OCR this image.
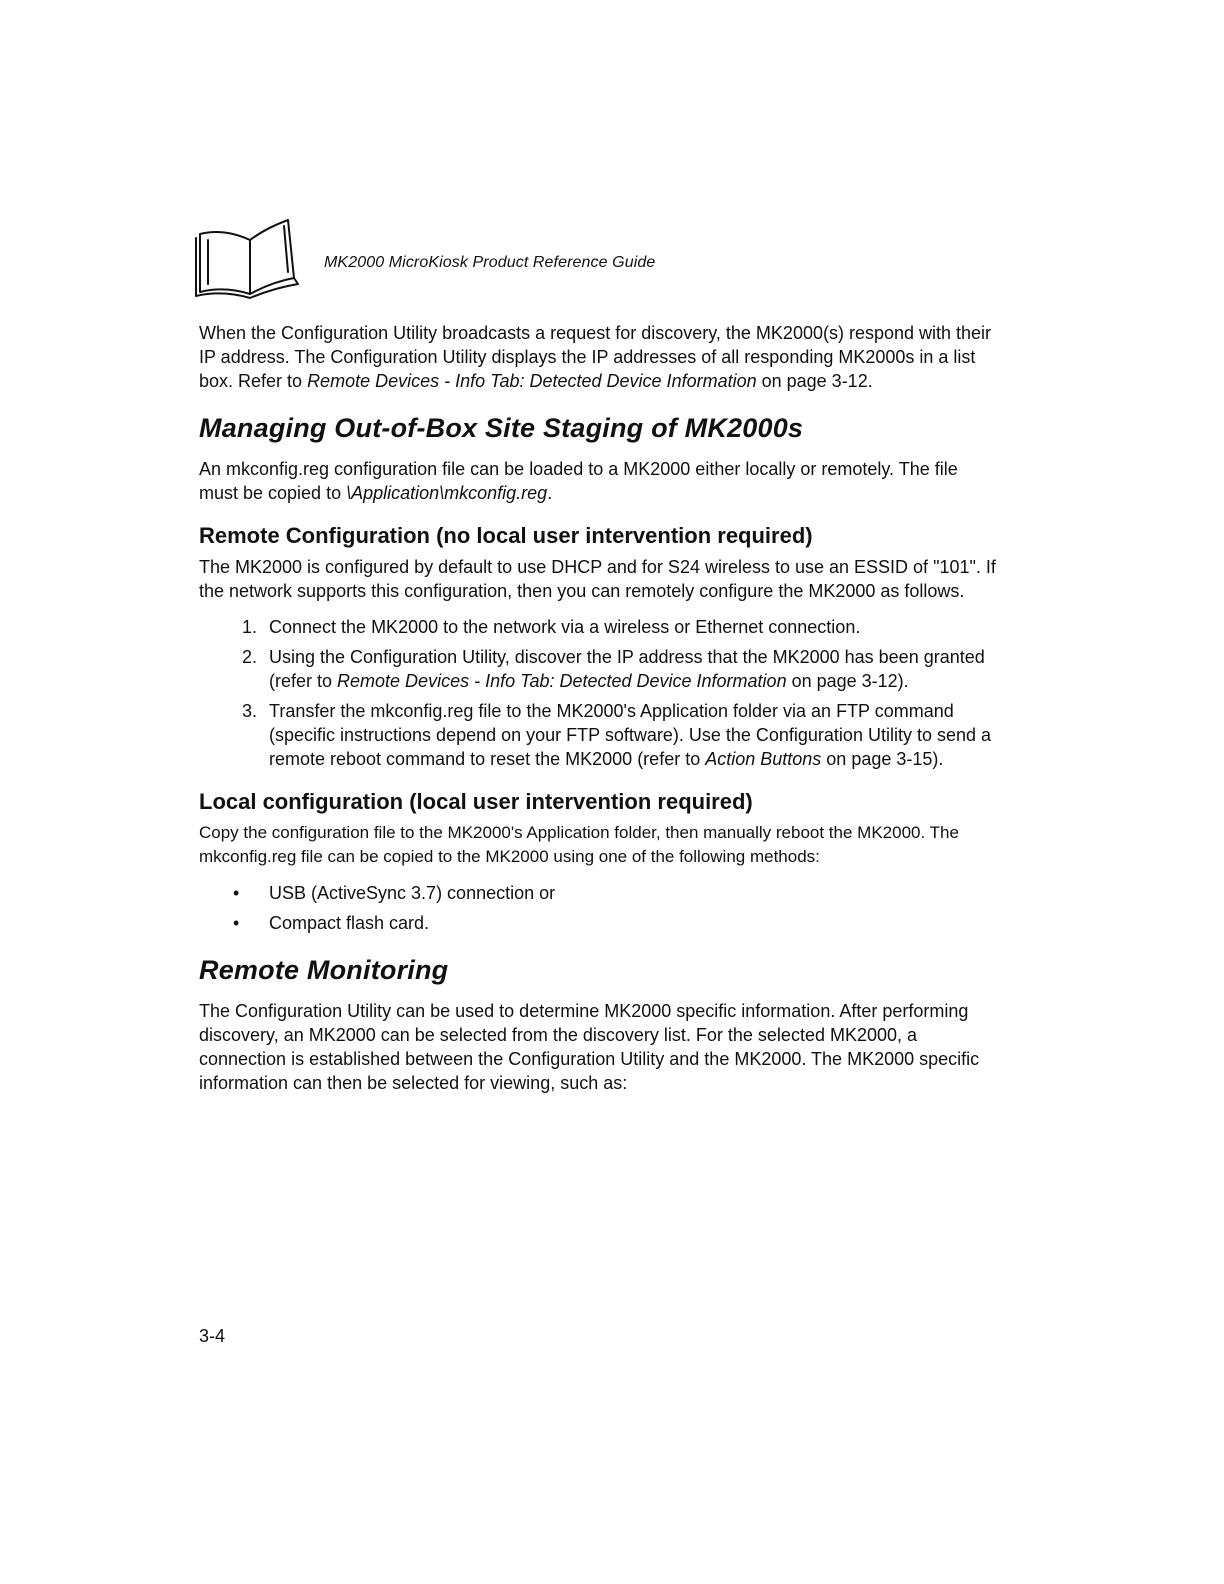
MK2000 MicroKiosk Product Reference Guide

When the Configuration Utility broadcasts a request for discovery, the MK2000(s) respond with their IP address. The Configuration Utility displays the IP addresses of all responding MK2000s in a list box. Refer to Remote Devices - Info Tab: Detected Device Information on page 3-12.

Managing Out-of-Box Site Staging of MK2000s

An mkconfig.reg configuration file can be loaded to a MK2000 either locally or remotely. The file must be copied to \Application\mkconfig.reg.

Remote Configuration (no local user intervention required)

The MK2000 is configured by default to use DHCP and for S24 wireless to use an ESSID of "101". If the network supports this configuration, then you can remotely configure the MK2000 as follows.

1. Connect the MK2000 to the network via a wireless or Ethernet connection.
2. Using the Configuration Utility, discover the IP address that the MK2000 has been granted (refer to Remote Devices - Info Tab: Detected Device Information on page 3-12).
3. Transfer the mkconfig.reg file to the MK2000's Application folder via an FTP command (specific instructions depend on your FTP software). Use the Configuration Utility to send a remote reboot command to reset the MK2000 (refer to Action Buttons on page 3-15).
Local configuration (local user intervention required)

Copy the configuration file to the MK2000's Application folder, then manually reboot the MK2000. The mkconfig.reg file can be copied to the MK2000 using one of the following methods:

•	USB (ActiveSync 3.7) connection or
•	Compact flash card.
Remote Monitoring

The Configuration Utility can be used to determine MK2000 specific information. After performing discovery, an MK2000 can be selected from the discovery list. For the selected MK2000, a connection is established between the Configuration Utility and the MK2000. The MK2000 specific information can then be selected for viewing, such as:

3-4
